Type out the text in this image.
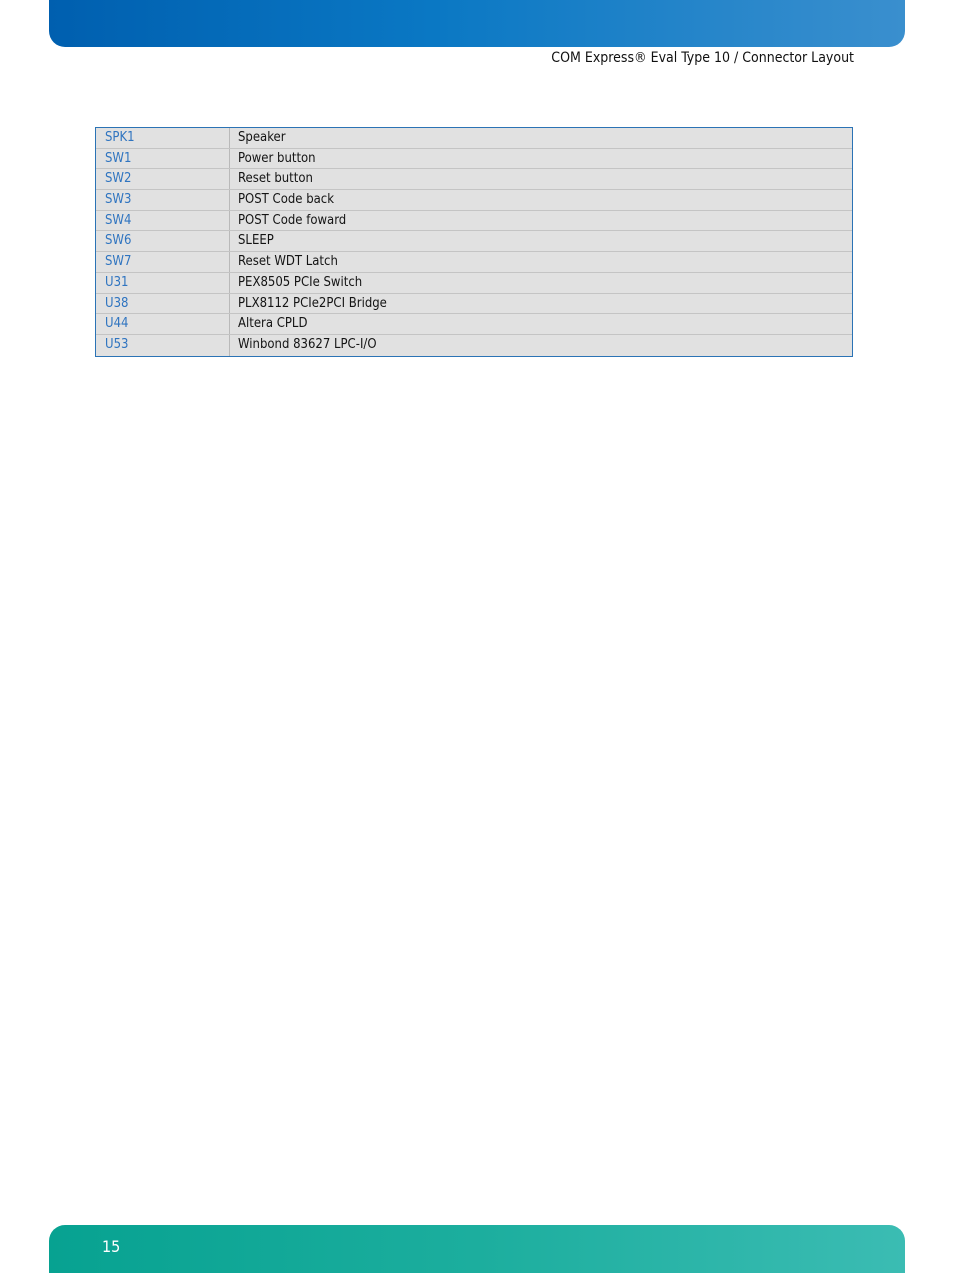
COM Express® Eval Type 10 / Connector Layout
SPK1	Speaker
SW1	Power button
SW2	Reset button
SW3	POST Code back
SW4	POST Code foward
SW6	SLEEP
SW7	Reset WDT Latch
U31	PEX8505 PCIe Switch
U38	PLX8112 PCIe2PCI Bridge
U44	Altera CPLD
U53	Winbond 83627 LPC-I/O
15
